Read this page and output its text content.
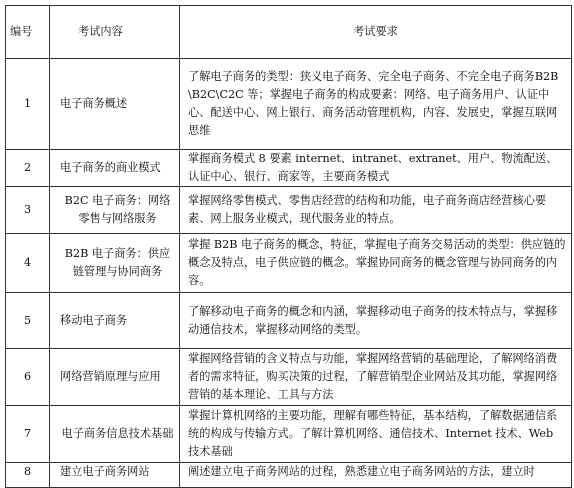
编号	考试内容	考试要求
1	电子商务概述	了解电子商务的类型：狭义电子商务、完全电子商务、不完全电子商务B2B\B2C\C2C 等；掌握电子商务的构成要素：网络、电子商务用户、认证中心、配送中心、网上银行、商务活动管理机构，内容、发展史，掌握互联网思维
2	电子商务的商业模式	掌握商务模式 8 要素 internet、intranet、extranet、用户、物流配送、认证中心、银行、商家等，主要商务模式
3	B2C 电子商务：网络零售与网络服务	掌握网络零售模式、零售店经营的结构和功能，电子商务商店经营核心要素、网上服务业模式，现代服务业的特点。
4	B2B 电子商务：供应链管理与协同商务	掌握 B2B 电子商务的概念，特征，掌握电子商务交易活动的类型：供应链的概念及特点，电子供应链的概念。掌握协同商务的概念管理与协同商务的内容。
5	移动电子商务	了解移动电子商务的概念和内涵，掌握移动电子商务的技术特点与，掌握移动通信技术，掌握移动网络的类型。
6	网络营销原理与应用	掌握网络营销的含义特点与功能，掌握网络营销的基础理论，了解网络消费者的需求特征，购买决策的过程，了解营销型企业网站及其功能，掌握网络营销的基本理论、工具与方法
7	电子商务信息技术基础	掌握计算机网络的主要功能，理解有哪些特征，基本结构，了解数据通信系统的构成与传输方式。了解计算机网络、通信技术、Internet 技术、Web 技术基础
8	建立电子商务网站	阐述建立电子商务网站的过程，熟悉建立电子商务网站的方法，建立时
